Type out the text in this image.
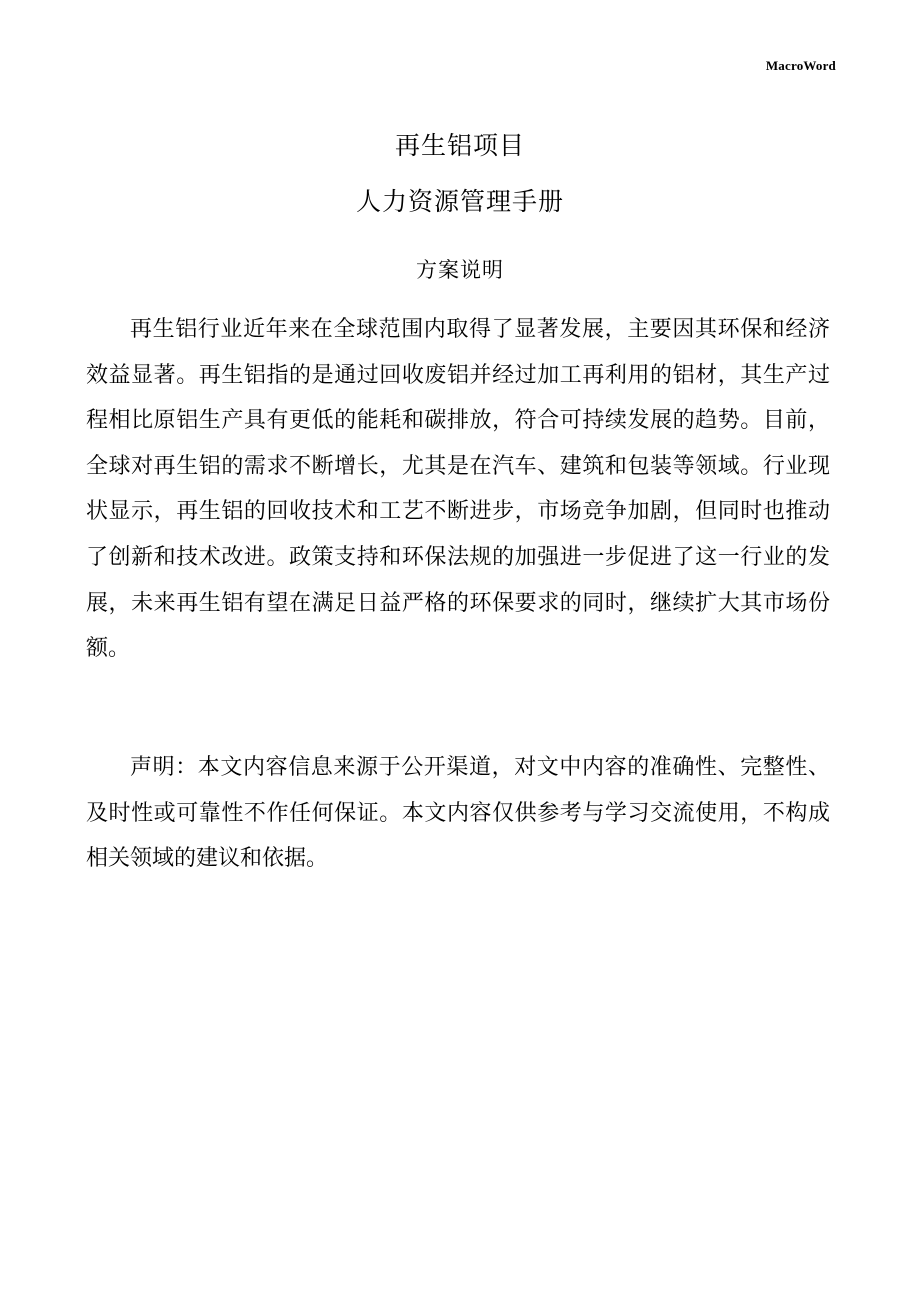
MacroWord
再生铝项目
人力资源管理手册
方案说明

再生铝行业近年来在全球范围内取得了显著发展，主要因其环保和经济效益显著。再生铝指的是通过回收废铝并经过加工再利用的铝材，其生产过程相比原铝生产具有更低的能耗和碳排放，符合可持续发展的趋势。目前，全球对再生铝的需求不断增长，尤其是在汽车、建筑和包装等领域。行业现状显示，再生铝的回收技术和工艺不断进步，市场竞争加剧，但同时也推动了创新和技术改进。政策支持和环保法规的加强进一步促进了这一行业的发展，未来再生铝有望在满足日益严格的环保要求的同时，继续扩大其市场份额。

声明：本文内容信息来源于公开渠道，对文中内容的准确性、完整性、及时性或可靠性不作任何保证。本文内容仅供参考与学习交流使用，不构成相关领域的建议和依据。
